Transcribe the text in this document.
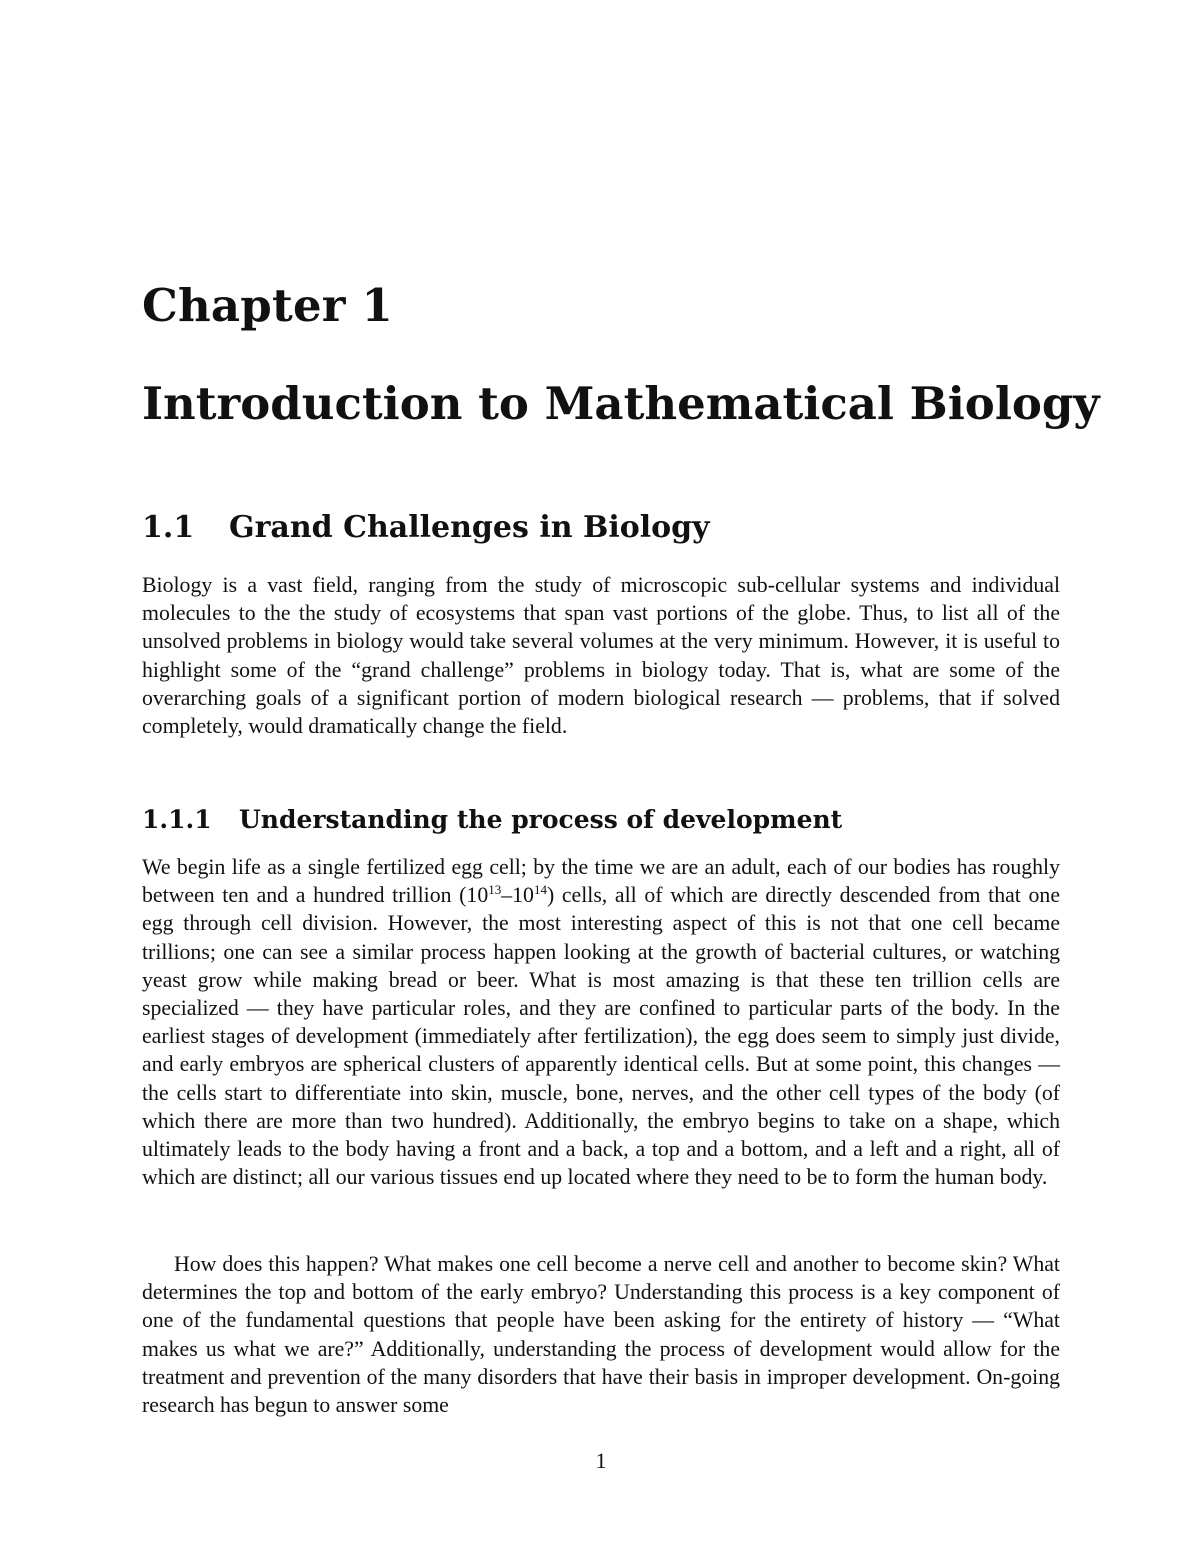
Chapter 1
Introduction to Mathematical Biology
1.1 Grand Challenges in Biology

Biology is a vast field, ranging from the study of microscopic sub-cellular systems and individual molecules to the the study of ecosystems that span vast portions of the globe. Thus, to list all of the unsolved problems in biology would take several volumes at the very minimum. However, it is useful to highlight some of the “grand challenge” problems in biology today. That is, what are some of the overarching goals of a significant portion of modern biological research — problems, that if solved completely, would dramatically change the field.

1.1.1 Understanding the process of development

We begin life as a single fertilized egg cell; by the time we are an adult, each of our bodies has roughly between ten and a hundred trillion $(10^{13}-10^{14})$ cells, all of which are directly descended from that one egg through cell division. However, the most interesting aspect of this is not that one cell became trillions; one can see a similar process happen looking at the growth of bacterial cultures, or watching yeast grow while making bread or beer. What is most amazing is that these ten trillion cells are specialized — they have particular roles, and they are confined to particular parts of the body. In the earliest stages of development (immediately after fertilization), the egg does seem to simply just divide, and early embryos are spherical clusters of apparently identical cells. But at some point, this changes — the cells start to differentiate into skin, muscle, bone, nerves, and the other cell types of the body (of which there are more than two hundred). Additionally, the embryo begins to take on a shape, which ultimately leads to the body having a front and a back, a top and a bottom, and a left and a right, all of which are distinct; all our various tissues end up located where they need to be to form the human body.

How does this happen? What makes one cell become a nerve cell and another to become skin? What determines the top and bottom of the early embryo? Understanding this process is a key component of one of the fundamental questions that people have been asking for the entirety of history — “What makes us what we are?” Additionally, understanding the process of development would allow for the treatment and prevention of the many disorders that have their basis in improper development. On-going research has begun to answer some

1
